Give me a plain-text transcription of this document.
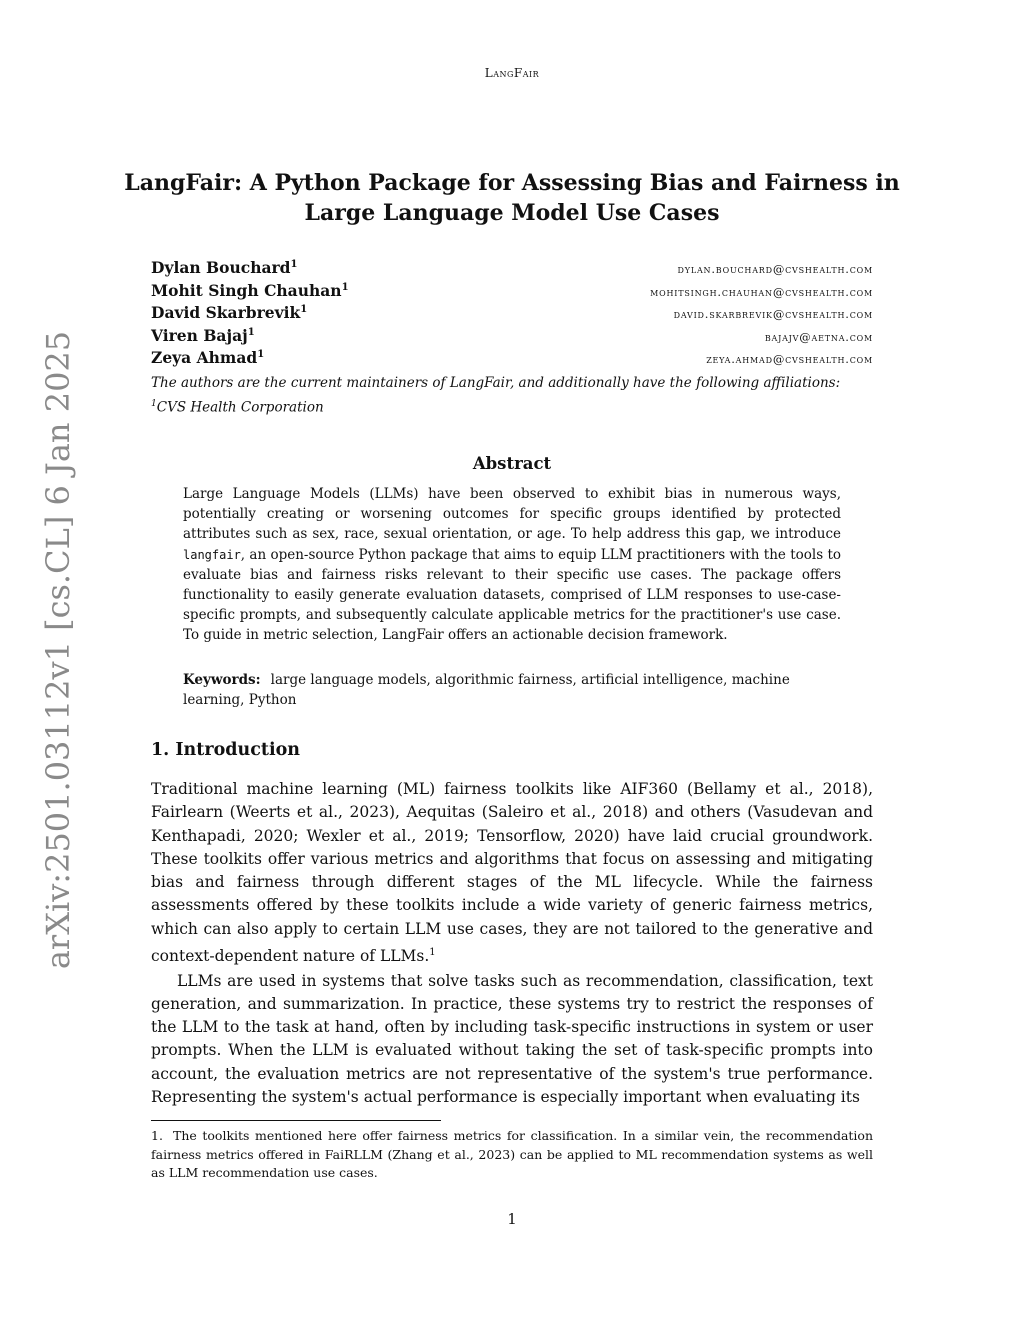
arXiv:2501.03112v1 [cs.CL] 6 Jan 2025
LangFair
LangFair: A Python Package for Assessing Bias and Fairness in Large Language Model Use Cases
Dylan Bouchard$^1$	dylan.bouchard@cvshealth.com
Mohit Singh Chauhan$^1$	mohitsingh.chauhan@cvshealth.com
David Skarbrevik$^1$	david.skarbrevik@cvshealth.com
Viren Bajaj$^1$	bajajv@aetna.com
Zeya Ahmad$^1$	zeya.ahmad@cvshealth.com
The authors are the current maintainers of LangFair, and additionally have the following affiliations:
$^1$CVS Health Corporation
Abstract
Large Language Models (LLMs) have been observed to exhibit bias in numerous ways, potentially creating or worsening outcomes for specific groups identified by protected attributes such as sex, race, sexual orientation, or age. To help address this gap, we introduce langfair, an open-source Python package that aims to equip LLM practitioners with the tools to evaluate bias and fairness risks relevant to their specific use cases. The package offers functionality to easily generate evaluation datasets, comprised of LLM responses to use-case-specific prompts, and subsequently calculate applicable metrics for the practitioner's use case. To guide in metric selection, LangFair offers an actionable decision framework.
Keywords: large language models, algorithmic fairness, artificial intelligence, machine learning, Python
1. Introduction

Traditional machine learning (ML) fairness toolkits like AIF360 (Bellamy et al., 2018), Fairlearn (Weerts et al., 2023), Aequitas (Saleiro et al., 2018) and others (Vasudevan and Kenthapadi, 2020; Wexler et al., 2019; Tensorflow, 2020) have laid crucial groundwork. These toolkits offer various metrics and algorithms that focus on assessing and mitigating bias and fairness through different stages of the ML lifecycle. While the fairness assessments offered by these toolkits include a wide variety of generic fairness metrics, which can also apply to certain LLM use cases, they are not tailored to the generative and context-dependent nature of LLMs.$^1$

LLMs are used in systems that solve tasks such as recommendation, classification, text generation, and summarization. In practice, these systems try to restrict the responses of the LLM to the task at hand, often by including task-specific instructions in system or user prompts. When the LLM is evaluated without taking the set of task-specific prompts into account, the evaluation metrics are not representative of the system's true performance. Representing the system's actual performance is especially important when evaluating its

1. The toolkits mentioned here offer fairness metrics for classification. In a similar vein, the recommendation fairness metrics offered in FaiRLLM (Zhang et al., 2023) can be applied to ML recommendation systems as well as LLM recommendation use cases.
1
